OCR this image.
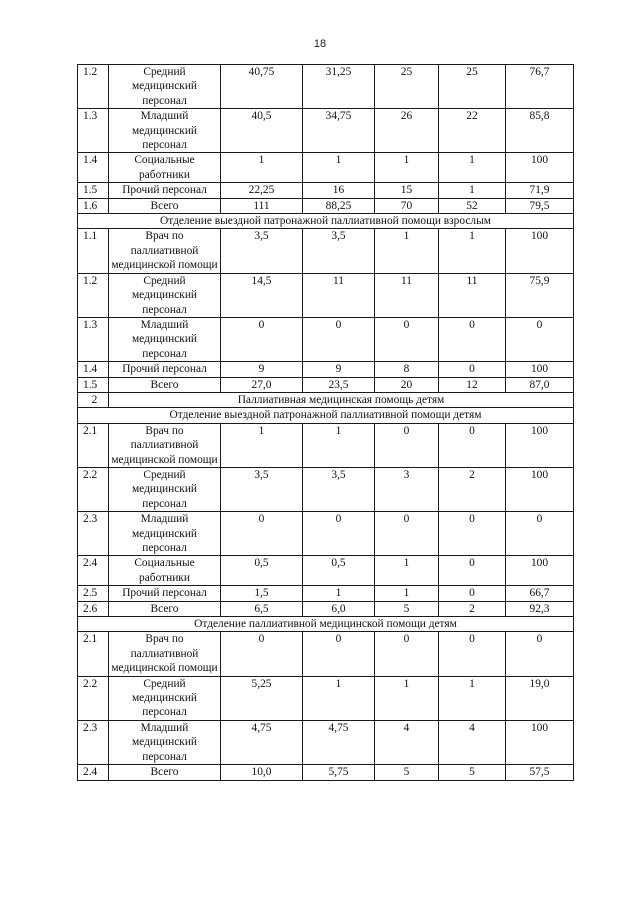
18
1.2	Средний медицинский персонал	40,75	31,25	25	25	76,7
1.3	Младший медицинский персонал	40,5	34,75	26	22	85,8
1.4	Социальные работники	1	1	1	1	100
1.5	Прочий персонал	22,25	16	15	1	71,9
1.6	Всего	111	88,25	70	52	79,5
Отделение выездной патронажной паллиативной помощи взрослым						
1.1	Врач по паллиативной медицинской помощи	3,5	3,5	1	1	100
1.2	Средний медицинский персонал	14,5	11	11	11	75,9
1.3	Младший медицинский персонал	0	0	0	0	0
1.4	Прочий персонал	9	9	8	0	100
1.5	Всего	27,0	23,5	20	12	87,0
2	Паллиативная медицинская помощь детям					
Отделение выездной патронажной паллиативной помощи детям						
2.1	Врач по паллиативной медицинской помощи	1	1	0	0	100
2.2	Средний медицинский персонал	3,5	3,5	3	2	100
2.3	Младший медицинский персонал	0	0	0	0	0
2.4	Социальные работники	0,5	0,5	1	0	100
2.5	Прочий персонал	1,5	1	1	0	66,7
2.6	Всего	6,5	6,0	5	2	92,3
Отделение паллиативной медицинской помощи детям						
2.1	Врач по паллиативной медицинской помощи	0	0	0	0	0
2.2	Средний медицинский персонал	5,25	1	1	1	19,0
2.3	Младший медицинский персонал	4,75	4,75	4	4	100
2.4	Всего	10,0	5,75	5	5	57,5
